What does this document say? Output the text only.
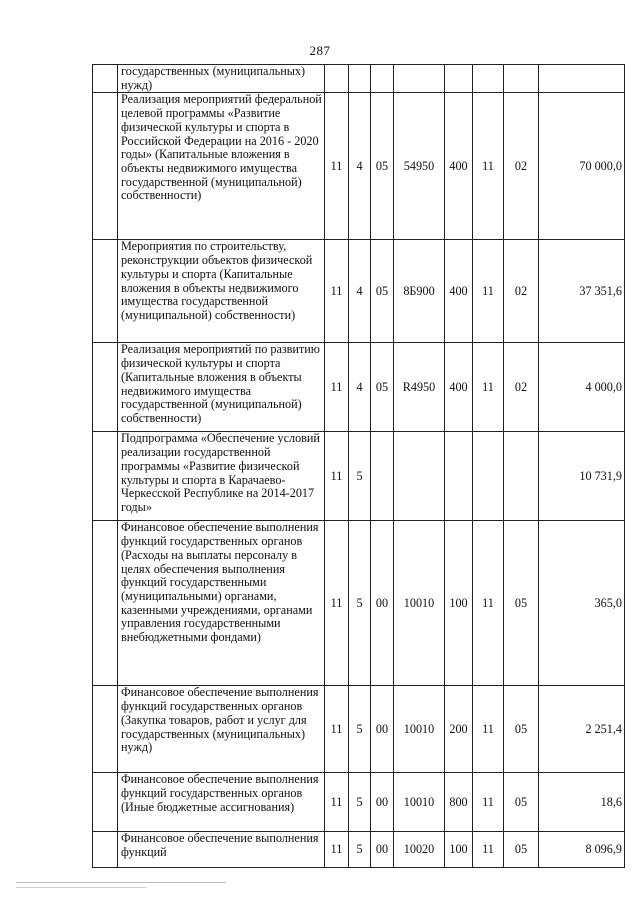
287
	государственных (муниципальных) нужд)								
	Реализация мероприятий федеральной целевой программы «Развитие физической культуры и спорта в Российской Федерации на 2016 - 2020 годы» (Капитальные вложения в объекты недвижимого имущества государственной (муниципальной) собственности)	11	4	05	54950	400	11	02	70 000,0
	Мероприятия по строительству, реконструкции объектов физической культуры и спорта (Капитальные вложения в объекты недвижимого имущества государственной (муниципальной) собственности)	11	4	05	8Б900	400	11	02	37 351,6
	Реализация мероприятий по развитию физической культуры и спорта (Капитальные вложения в объекты недвижимого имущества государственной (муниципальной) собственности)	11	4	05	R4950	400	11	02	4 000,0
	Подпрограмма «Обеспечение условий реализации государственной программы «Развитие физической культуры и спорта в Карачаево-Черкесской Республике на 2014-2017 годы»	11	5						10 731,9
	Финансовое обеспечение выполнения функций государственных органов (Расходы на выплаты персоналу в целях обеспечения выполнения функций государственными (муниципальными) органами, казенными учреждениями, органами управления государственными внебюджетными фондами)	11	5	00	10010	100	11	05	365,0
	Финансовое обеспечение выполнения функций государственных органов (Закупка товаров, работ и услуг для государственных (муниципальных) нужд)	11	5	00	10010	200	11	05	2 251,4
	Финансовое обеспечение выполнения функций государственных органов (Иные бюджетные ассигнования)	11	5	00	10010	800	11	05	18,6
	Финансовое обеспечение выполнения функций	11	5	00	10020	100	11	05	8 096,9
